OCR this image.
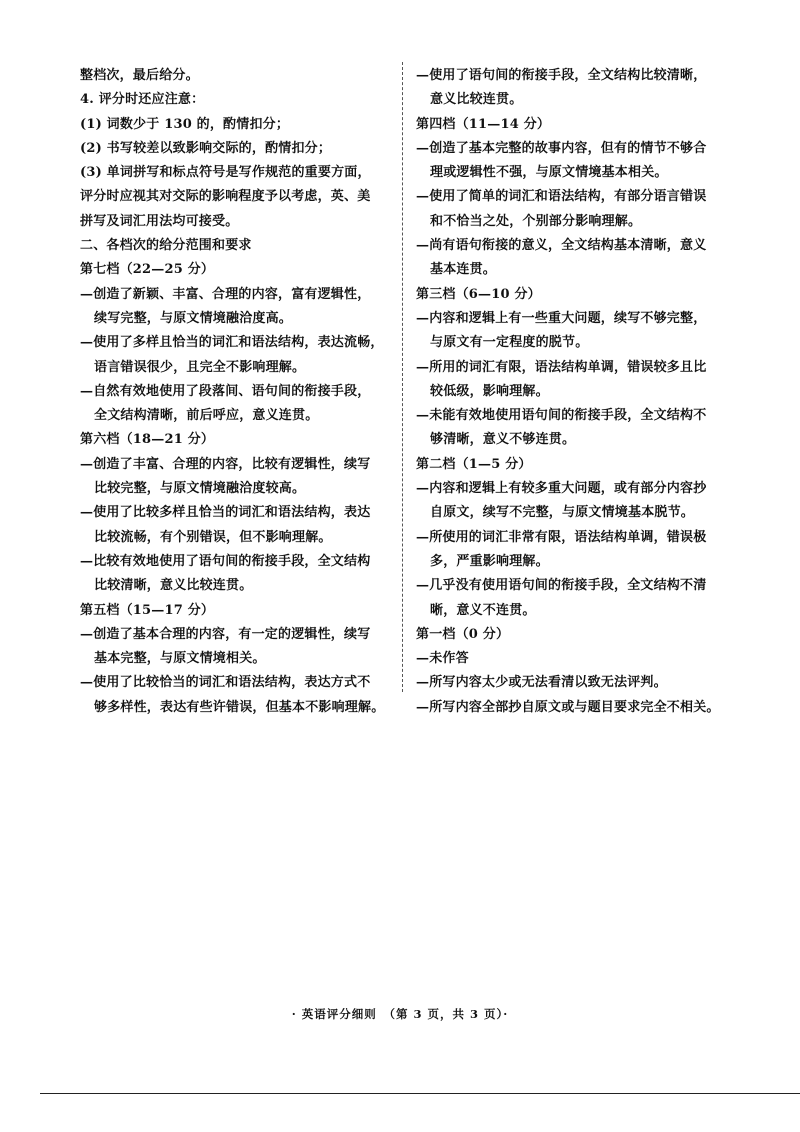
整档次，最后给分。
4. 评分时还应注意：
(1) 词数少于 130 的，酌情扣分；
(2) 书写较差以致影响交际的，酌情扣分；
(3) 单词拼写和标点符号是写作规范的重要方面，
评分时应视其对交际的影响程度予以考虑，英、美
拼写及词汇用法均可接受。
二、各档次的给分范围和要求
第七档（22—25 分）
—创造了新颖、丰富、合理的内容，富有逻辑性，
续写完整，与原文情境融洽度高。
—使用了多样且恰当的词汇和语法结构，表达流畅，
语言错误很少，且完全不影响理解。
—自然有效地使用了段落间、语句间的衔接手段，
全文结构清晰，前后呼应，意义连贯。
第六档（18—21 分）
—创造了丰富、合理的内容，比较有逻辑性，续写
比较完整，与原文情境融洽度较高。
—使用了比较多样且恰当的词汇和语法结构，表达
比较流畅，有个别错误，但不影响理解。
—比较有效地使用了语句间的衔接手段，全文结构
比较清晰，意义比较连贯。
第五档（15—17 分）
—创造了基本合理的内容，有一定的逻辑性，续写
基本完整，与原文情境相关。
—使用了比较恰当的词汇和语法结构，表达方式不
够多样性，表达有些许错误，但基本不影响理解。
—使用了语句间的衔接手段，全文结构比较清晰，
意义比较连贯。
第四档（11—14 分）
—创造了基本完整的故事内容，但有的情节不够合
理或逻辑性不强，与原文情境基本相关。
—使用了简单的词汇和语法结构，有部分语言错误
和不恰当之处，个别部分影响理解。
—尚有语句衔接的意义，全文结构基本清晰，意义
基本连贯。
第三档（6—10 分）
—内容和逻辑上有一些重大问题，续写不够完整，
与原文有一定程度的脱节。
—所用的词汇有限，语法结构单调，错误较多且比
较低级，影响理解。
—未能有效地使用语句间的衔接手段，全文结构不
够清晰，意义不够连贯。
第二档（1—5 分）
—内容和逻辑上有较多重大问题，或有部分内容抄
自原文，续写不完整，与原文情境基本脱节。
—所使用的词汇非常有限，语法结构单调，错误极
多，严重影响理解。
—几乎没有使用语句间的衔接手段，全文结构不清
晰，意义不连贯。
第一档（0 分）
—未作答
—所写内容太少或无法看清以致无法评判。
—所写内容全部抄自原文或与题目要求完全不相关。
· 英语评分细则　（第 3 页，共 3 页）·
